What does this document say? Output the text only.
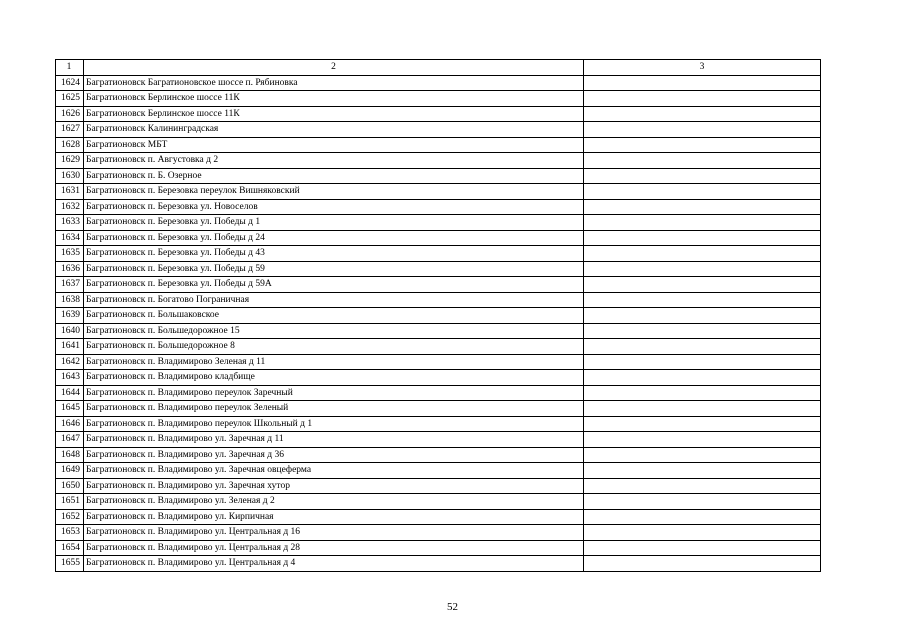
1	2	3
1624	Багратионовск Багратионовское шоссе п. Рябиновка	
1625	Багратионовск Берлинское шоссе 11К	
1626	Багратионовск Берлинское шоссе 11К	
1627	Багратионовск Калининградская	
1628	Багратионовск МБТ	
1629	Багратионовск п. Августовка д 2	
1630	Багратионовск п. Б. Озерное	
1631	Багратионовск п. Березовка переулок Вишняковский	
1632	Багратионовск п. Березовка ул. Новоселов	
1633	Багратионовск п. Березовка ул. Победы д 1	
1634	Багратионовск п. Березовка ул. Победы д 24	
1635	Багратионовск п. Березовка ул. Победы д 43	
1636	Багратионовск п. Березовка ул. Победы д 59	
1637	Багратионовск п. Березовка ул. Победы д 59А	
1638	Багратионовск п. Богатово Пограничная	
1639	Багратионовск п. Большаковское	
1640	Багратионовск п. Большедорожное 15	
1641	Багратионовск п. Большедорожное 8	
1642	Багратионовск п. Владимирово Зеленая д 11	
1643	Багратионовск п. Владимирово кладбище	
1644	Багратионовск п. Владимирово переулок Заречный	
1645	Багратионовск п. Владимирово переулок Зеленый	
1646	Багратионовск п. Владимирово переулок Школьный д 1	
1647	Багратионовск п. Владимирово ул. Заречная д 11	
1648	Багратионовск п. Владимирово ул. Заречная д 36	
1649	Багратионовск п. Владимирово ул. Заречная овцеферма	
1650	Багратионовск п. Владимирово ул. Заречная хутор	
1651	Багратионовск п. Владимирово ул. Зеленая д 2	
1652	Багратионовск п. Владимирово ул. Кирпичная	
1653	Багратионовск п. Владимирово ул. Центральная д 16	
1654	Багратионовск п. Владимирово ул. Центральная д 28	
1655	Багратионовск п. Владимирово ул. Центральная д 4	
52
